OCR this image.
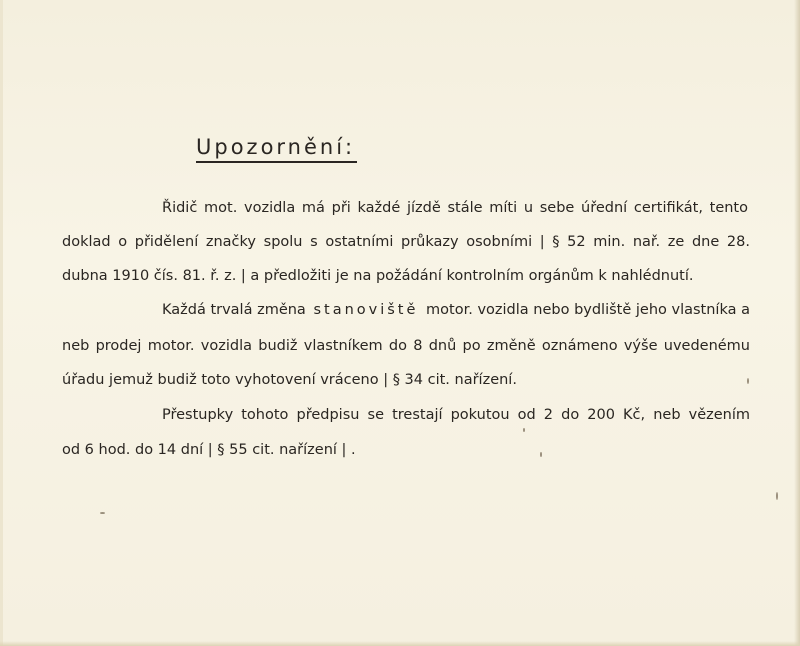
Upozornění:
Řidič mot. vozidla má při každé jízdě stále míti u sebe úřední certifikát, tento
doklad o přidělení značky spolu s ostatními průkazy osobními | § 52 min. nař. ze dne 28.
dubna 1910 čís. 81. ř. z. | a předložiti je na požádání kontrolním orgánům k nahlédnutí.
Každá trvalá změna stanoviště motor. vozidla nebo bydliště jeho vlastníka a
neb prodej motor. vozidla budiž vlastníkem do 8 dnů po změně oznámeno výše uvedenému
úřadu jemuž budiž toto vyhotovení vráceno | § 34 cit. nařízení.
Přestupky tohoto předpisu se trestají pokutou od 2 do 200 Kč, neb vězením
od 6 hod. do 14 dní | § 55 cit. nařízení | .
